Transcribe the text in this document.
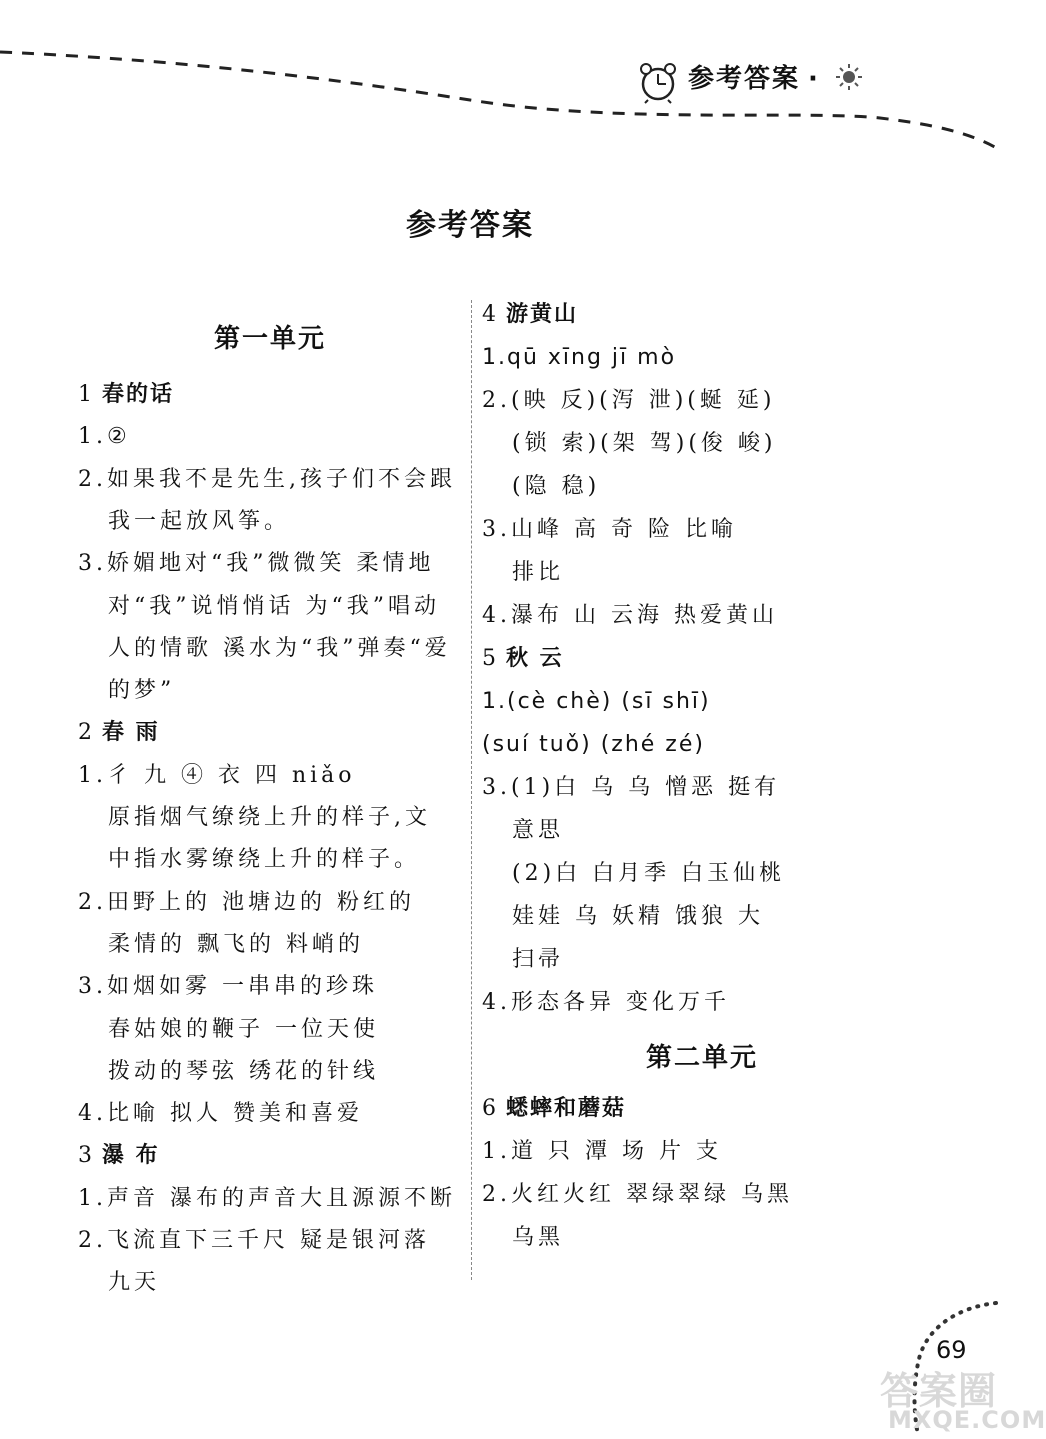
参考答案 ·
参考答案
第一单元
1 春的话
1.②
2.如果我不是先生,孩子们不会跟
我一起放风筝。
3.娇媚地对“我”微微笑 柔情地
对“我”说悄悄话 为“我”唱动
人的情歌 溪水为“我”弹奏“爱
的梦”
2 春 雨
1.彳 九 ④ 衣 四 niǎo
原指烟气缭绕上升的样子,文
中指水雾缭绕上升的样子。
2.田野上的 池塘边的 粉红的
柔情的 飘飞的 料峭的
3.如烟如雾 一串串的珍珠
春姑娘的鞭子 一位天使
拨动的琴弦 绣花的针线
4.比喻 拟人 赞美和喜爱
3 瀑 布
1.声音 瀑布的声音大且源源不断
2.飞流直下三千尺 疑是银河落
九天
4 游黄山
1.qū xīng jī mò
2.(映 反)(泻 泄)(蜒 延)
(锁 索)(架 驾)(俊 峻)
(隐 稳)
3.山峰 高 奇 险 比喻
排比
4.瀑布 山 云海 热爱黄山
5 秋 云
1.(cè chè) (sī shī)
(suí tuǒ) (zhé zé)
3.(1)白 乌 乌 憎恶 挺有
意思
(2)白 白月季 白玉仙桃
娃娃 乌 妖精 饿狼 大
扫帚
4.形态各异 变化万千
第二单元
6 蟋蟀和蘑菇
1.道 只 潭 场 片 支
2.火红火红 翠绿翠绿 乌黑
乌黑
69
答案圈
MXQE.COM
